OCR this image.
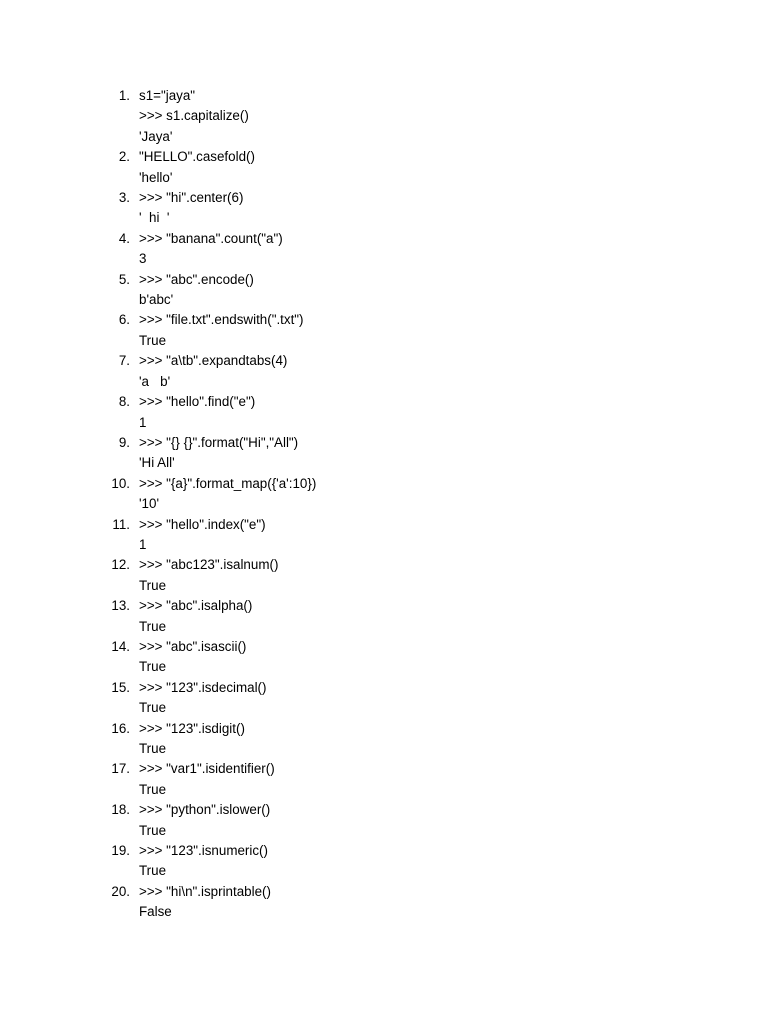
1. s1="jaya"
>>> s1.capitalize()
'Jaya'
2. "HELLO".casefold()
'hello'
3. >>> "hi".center(6)
'  hi  '
4. >>> "banana".count("a")
3
5. >>> "abc".encode()
b'abc'
6. >>> "file.txt".endswith(".txt")
True
7. >>> "a\tb".expandtabs(4)
'a   b'
8. >>> "hello".find("e")
1
9. >>> "{} {}".format("Hi","All")
'Hi All'
10. >>> "{a}".format_map({'a':10})
'10'
11. >>> "hello".index("e")
1
12. >>> "abc123".isalnum()
True
13. >>> "abc".isalpha()
True
14. >>> "abc".isascii()
True
15. >>> "123".isdecimal()
True
16. >>> "123".isdigit()
True
17. >>> "var1".isidentifier()
True
18. >>> "python".islower()
True
19. >>> "123".isnumeric()
True
20. >>> "hi\n".isprintable()
False
